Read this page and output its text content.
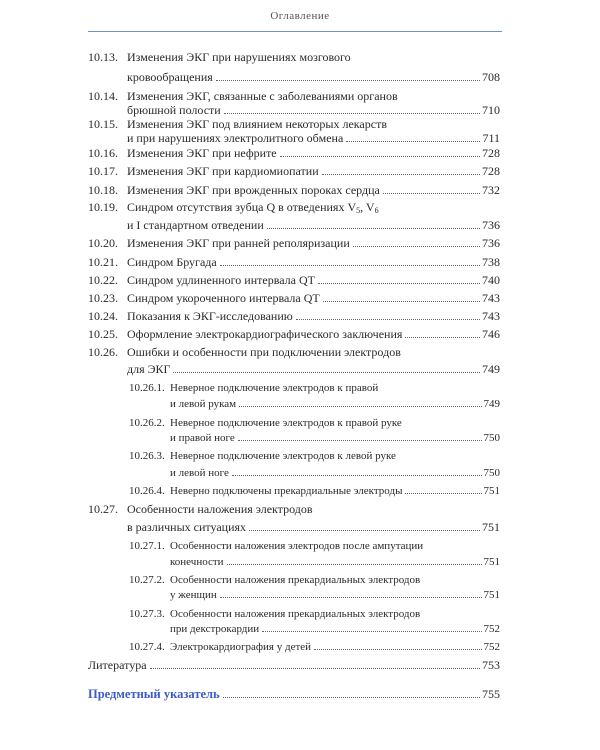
Оглавление
10.13. Изменения ЭКГ при нарушениях мозгового
кровообращения	708
10.14. Изменения ЭКГ, связанные с заболеваниями органов
брюшной полости	710
10.15. Изменения ЭКГ под влиянием некоторых лекарств
и при нарушениях электролитного обмена	711
10.16. Изменения ЭКГ при нефрите	728
10.17. Изменения ЭКГ при кардиомиопатии	728
10.18. Изменения ЭКГ при врожденных пороках сердца	732
10.19. Синдром отсутствия зубца Q в отведениях $V_5$, $V_6$
и I стандартном отведении	736
10.20. Изменения ЭКГ при ранней реполяризации	736
10.21. Синдром Бругада	738
10.22. Синдром удлиненного интервала QT	740
10.23. Синдром укороченного интервала QT	743
10.24. Показания к ЭКГ-исследованию	743
10.25. Оформление электрокардиографического заключения	746
10.26. Ошибки и особенности при подключении электродов
для ЭКГ	749
10.26.1. Неверное подключение электродов к правой
и левой рукам	749
10.26.2. Неверное подключение электродов к правой руке
и правой ноге	750
10.26.3. Неверное подключение электродов к левой руке
и левой ноге	750
10.26.4. Неверно подключены прекардиальные электроды	751
10.27. Особенности наложения электродов
в различных ситуациях	751
10.27.1. Особенности наложения электродов после ампутации
конечности	751
10.27.2. Особенности наложения прекардиальных электродов
у женщин	751
10.27.3. Особенности наложения прекардиальных электродов
при декстрокардии	752
10.27.4. Электрокардиография у детей	752
Литература	753
Предметный указатель	755
